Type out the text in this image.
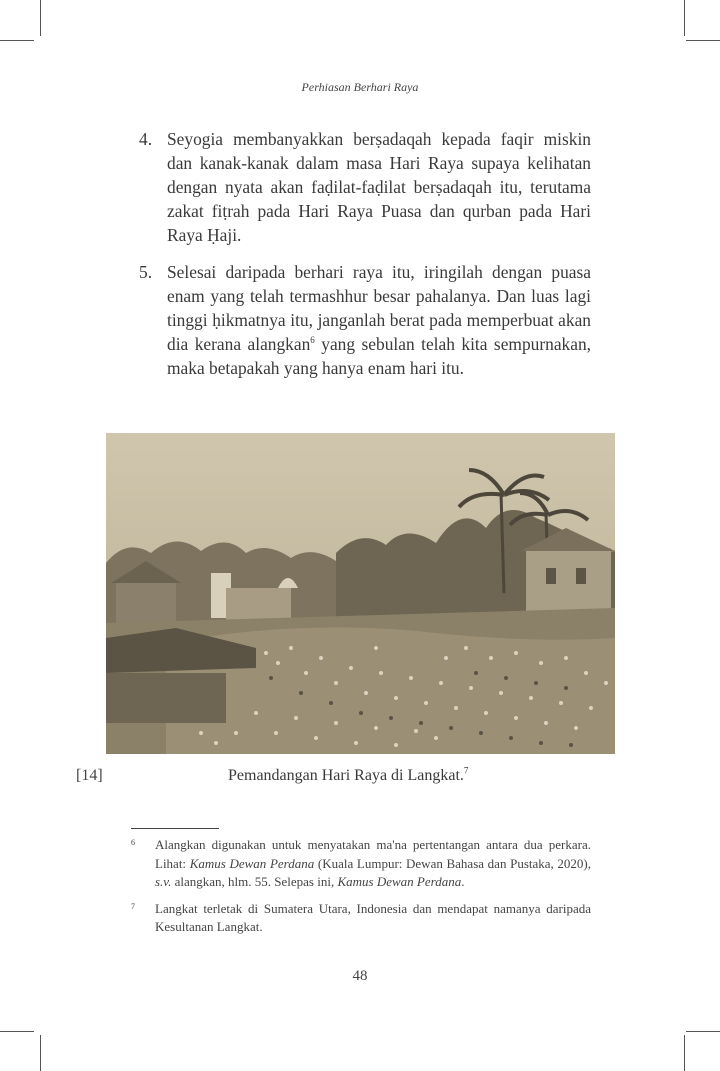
Perhiasan Berhari Raya
4. Seyogia membanyakkan berṣadaqah kepada faqir miskin dan kanak-kanak dalam masa Hari Raya supaya kelihatan dengan nyata akan faḍilat-faḍilat berṣadaqah itu, terutama zakat fiṭrah pada Hari Raya Puasa dan qurban pada Hari Raya Ḥaji.
5. Selesai daripada berhari raya itu, iringilah dengan puasa enam yang telah termashhur besar pahalanya. Dan luas lagi tinggi ḥikmatnya itu, janganlah berat pada memperbuat akan dia kerana alangkan$^6$ yang sebulan telah kita sempurnakan, maka betapakah yang hanya enam hari itu.
[14]	Pemandangan Hari Raya di Langkat.$^7$
6 Alangkan digunakan untuk menyatakan ma'na pertentangan antara dua perkara. Lihat: Kamus Dewan Perdana (Kuala Lumpur: Dewan Bahasa dan Pustaka, 2020), s.v. alangkan, hlm. 55. Selepas ini, Kamus Dewan Perdana.
7 Langkat terletak di Sumatera Utara, Indonesia dan mendapat namanya daripada Kesultanan Langkat.
48
